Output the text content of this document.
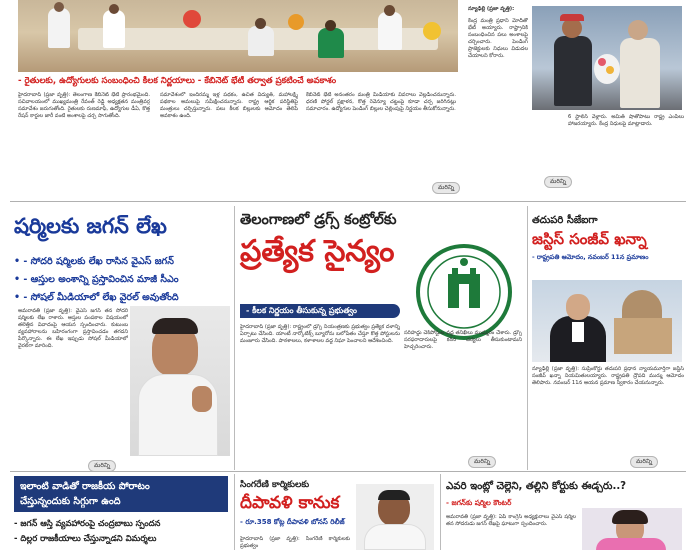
- రైతులకు, ఉద్యోగులకు సంబంధించి కీలక నిర్ణయాలు - కేబినెట్ భేటీ తర్వాత ప్రకటించే అవకాశం
హైదరాబాద్ (ప్రజా వృత్తి): తెలంగాణ కేబినెట్ భేటీ ప్రారంభమైంది. సచివాలయంలో ముఖ్యమంత్రి రేవంత్ రెడ్డి అధ్యక్షతన మంత్రివర్గ సమావేశం జరుగుతోంది. రైతులకు రుణమాఫీ, ఉద్యోగుల డీఏ, కొత్త రేషన్ కార్డుల జారీ వంటి అంశాలపై చర్చ సాగుతోంది.
సమావేశంలో ఇందిరమ్మ ఇళ్ల పథకం, ఉచిత విద్యుత్, మహాలక్ష్మి పథకాల అమలుపై సమీక్షించనున్నారు. రాష్ట్ర ఆర్థిక పరిస్థితిపై మంత్రులు చర్చిస్తున్నారు. పలు కీలక బిల్లులకు ఆమోదం తెలిపే అవకాశం ఉంది.
కేబినెట్ భేటీ అనంతరం మంత్రి మీడియాకు వివరాలు వెల్లడించనున్నారు. ధరణి పోర్టల్ ప్రక్షాళన, కొత్త రెవెన్యూ చట్టంపై కూడా చర్చ జరిగినట్లు సమాచారం. ఉద్యోగుల పెండింగ్ బిల్లుల చెల్లింపుపై నిర్ణయం తీసుకోనున్నారు.
మరిన్ని
న్యూఢిల్లీ (ప్రజా వృత్తి):
కేంద్ర మంత్రి ప్రధాని మోదీతో భేటీ అయ్యారు. రాష్ట్రానికి సంబంధించిన పలు అంశాలపై చర్చించారు. పెండింగ్ ప్రాజెక్టులకు నిధులు విడుదల చేయాలని కోరారు.
6 స్టాలిన్ వెళ్లారు. అమిత్ షాతోపాటు రాష్ట్ర ఎంపీలు హాజరయ్యారు. కేంద్ర నిధులపై మాట్లాడారు.
మరిన్ని
షర్మిలకు జగన్ లేఖ
• - సోదరి షర్మిలకు లేఖ రాసిన వైఎస్ జగన్
• - ఆస్తుల అంశాన్ని ప్రస్తావించిన మాజీ సీఎం
• - సోషల్ మీడియాలో లేఖ వైరల్ అవుతోంది
అమరావతి (ప్రజా వృత్తి): వైఎస్ జగన్ తన సోదరి షర్మిలకు లేఖ రాశారు. ఆస్తుల పంపకాల విషయంలో తలెత్తిన వివాదంపై ఆయన స్పందించారు. కుటుంబ వ్యవహారాలను బహిరంగంగా ప్రస్తావించడం తగదని పేర్కొన్నారు. ఈ లేఖ ఇప్పుడు సోషల్ మీడియాలో వైరల్‌గా మారింది.
మరిన్ని
తెలంగాణలో డ్రగ్స్ కంట్రోల్‌కు
ప్రత్యేక సైన్యం
- కీలక నిర్ణయం తీసుకున్న ప్రభుత్వం
హైదరాబాద్ (ప్రజా వృత్తి): రాష్ట్రంలో డ్రగ్స్ నియంత్రణకు ప్రభుత్వం ప్రత్యేక దళాన్ని ఏర్పాటు చేసింది. యాంటీ నార్కోటిక్స్ బ్యూరోను బలోపేతం చేస్తూ కొత్త పోస్టులను మంజూరు చేసింది. పాఠశాలలు, కళాశాలల వద్ద నిఘా పెంచాలని ఆదేశించింది.
సరిహద్దు చెక్‌పోస్టుల వద్ద తనిఖీలు ముమ్మరం చేశారు. డ్రగ్స్ సరఫరాదారులపై కఠిన చర్యలు తీసుకుంటామని హెచ్చరించారు.
మరిన్ని
తదుపరి సీజేఐగా
జస్టిస్ సంజీవ్ ఖన్నా
- రాష్ట్రపతి ఆమోదం, నవంబర్ 11న ప్రమాణం
న్యూఢిల్లీ (ప్రజా వృత్తి): సుప్రీంకోర్టు తదుపరి ప్రధాన న్యాయమూర్తిగా జస్టిస్ సంజీవ్ ఖన్నా నియమితులయ్యారు. రాష్ట్రపతి ద్రౌపది ముర్ము ఆమోదం తెలిపారు. నవంబర్ 11న ఆయన ప్రమాణ స్వీకారం చేయనున్నారు.
మరిన్ని
ఇలాంటి వాడితో రాజకీయ పోరాటం
చేస్తున్నందుకు సిగ్గుగా ఉంది
- జగన్ ఆస్తి వ్యవహారంపై చంద్రబాబు స్పందన
- దిల్లర రాజకీయాలు చేస్తున్నాడని విమర్శలు
సింగరేణి కార్మికులకు
దీపావళి కానుక
- రూ.358 కోట్ల దీపావళి బోనస్ రిలీజ్
హైదరాబాద్ (ప్రజా వృత్తి): సింగరేణి కార్మికులకు ప్రభుత్వం
ఎవరి ఇంట్లో చెల్లెని, తల్లిని కోర్టుకు ఈడ్చరు..?
- జగన్‌కు షర్మిల కౌంటర్
అమరావతి (ప్రజా వృత్తి): ఏపీ కాంగ్రెస్ అధ్యక్షురాలు వైఎస్ షర్మిల తన సోదరుడు జగన్ లేఖపై ఘాటుగా స్పందించారు.
